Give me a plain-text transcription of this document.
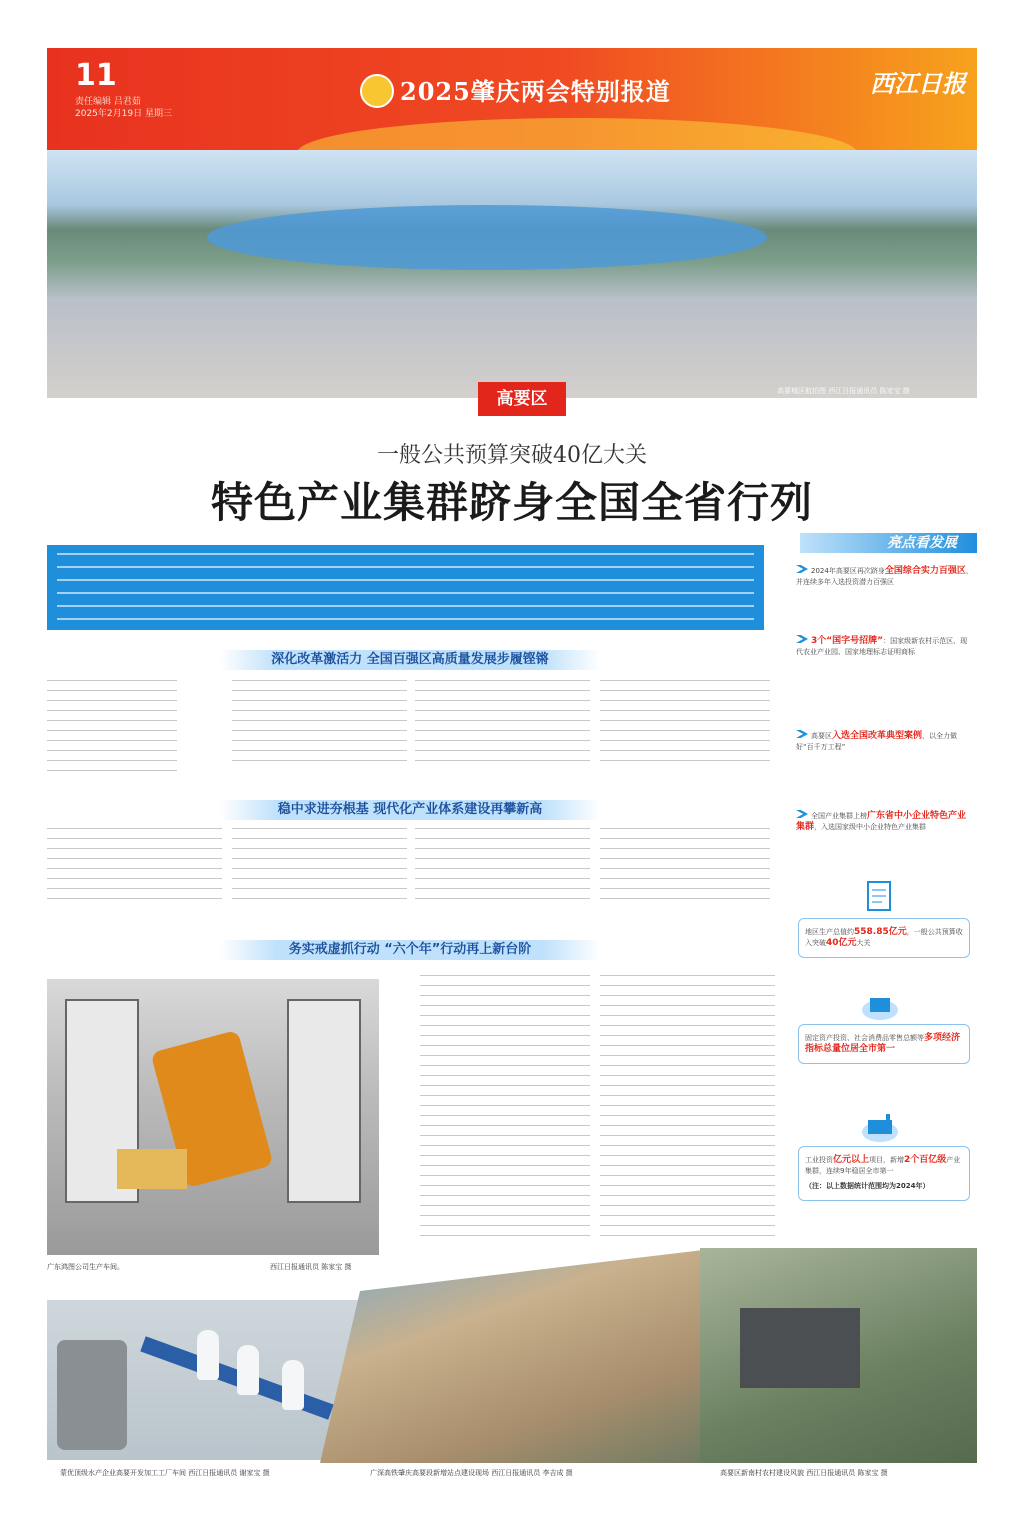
11
责任编辑 吕君茹
2025年2月19日 星期三
2025肇庆两会特别报道	西江日报
高要城区航拍图 西江日报通讯员 陈家宝 摄
高要区
一般公共预算突破40亿大关
特色产业集群跻身全国全省行列
深化改革激活力 全国百强区高质量发展步履铿锵
稳中求进夯根基 现代化产业体系建设再攀新高
务实戒虚抓行动 “六个年”行动再上新台阶
广东鸿图公司生产车间。	西江日报通讯员 陈家宝 摄
亮点看发展
2024年高要区再次跻身全国综合实力百强区，并连续多年入选投资潜力百强区
3个“国字号招牌”：国家级新农村示范区、现代农业产业园、国家地理标志证明商标
高要区入选全国改革典型案例，以全力做好“百千万工程”
全国产业集群上榜广东省中小企业特色产业集群，入选国家级中小企业特色产业集群
地区生产总值约558.85亿元，一般公共预算收入突破40亿元大关
固定资产投资、社会消费品零售总额等多项经济指标总量位居全市第一
工业投资亿元以上项目，新增2个百亿级产业集群，连续9年稳居全市第一
（注：以上数据统计范围均为2024年）
蒙优顶级水产企业高要开发加工工厂车间 西江日报通讯员 谢家宝 摄	广深高铁肇庆高要段新增站点建设现场 西江日报通讯员 李吉成 摄	高要区新南村农村建设风貌 西江日报通讯员 陈家宝 摄
